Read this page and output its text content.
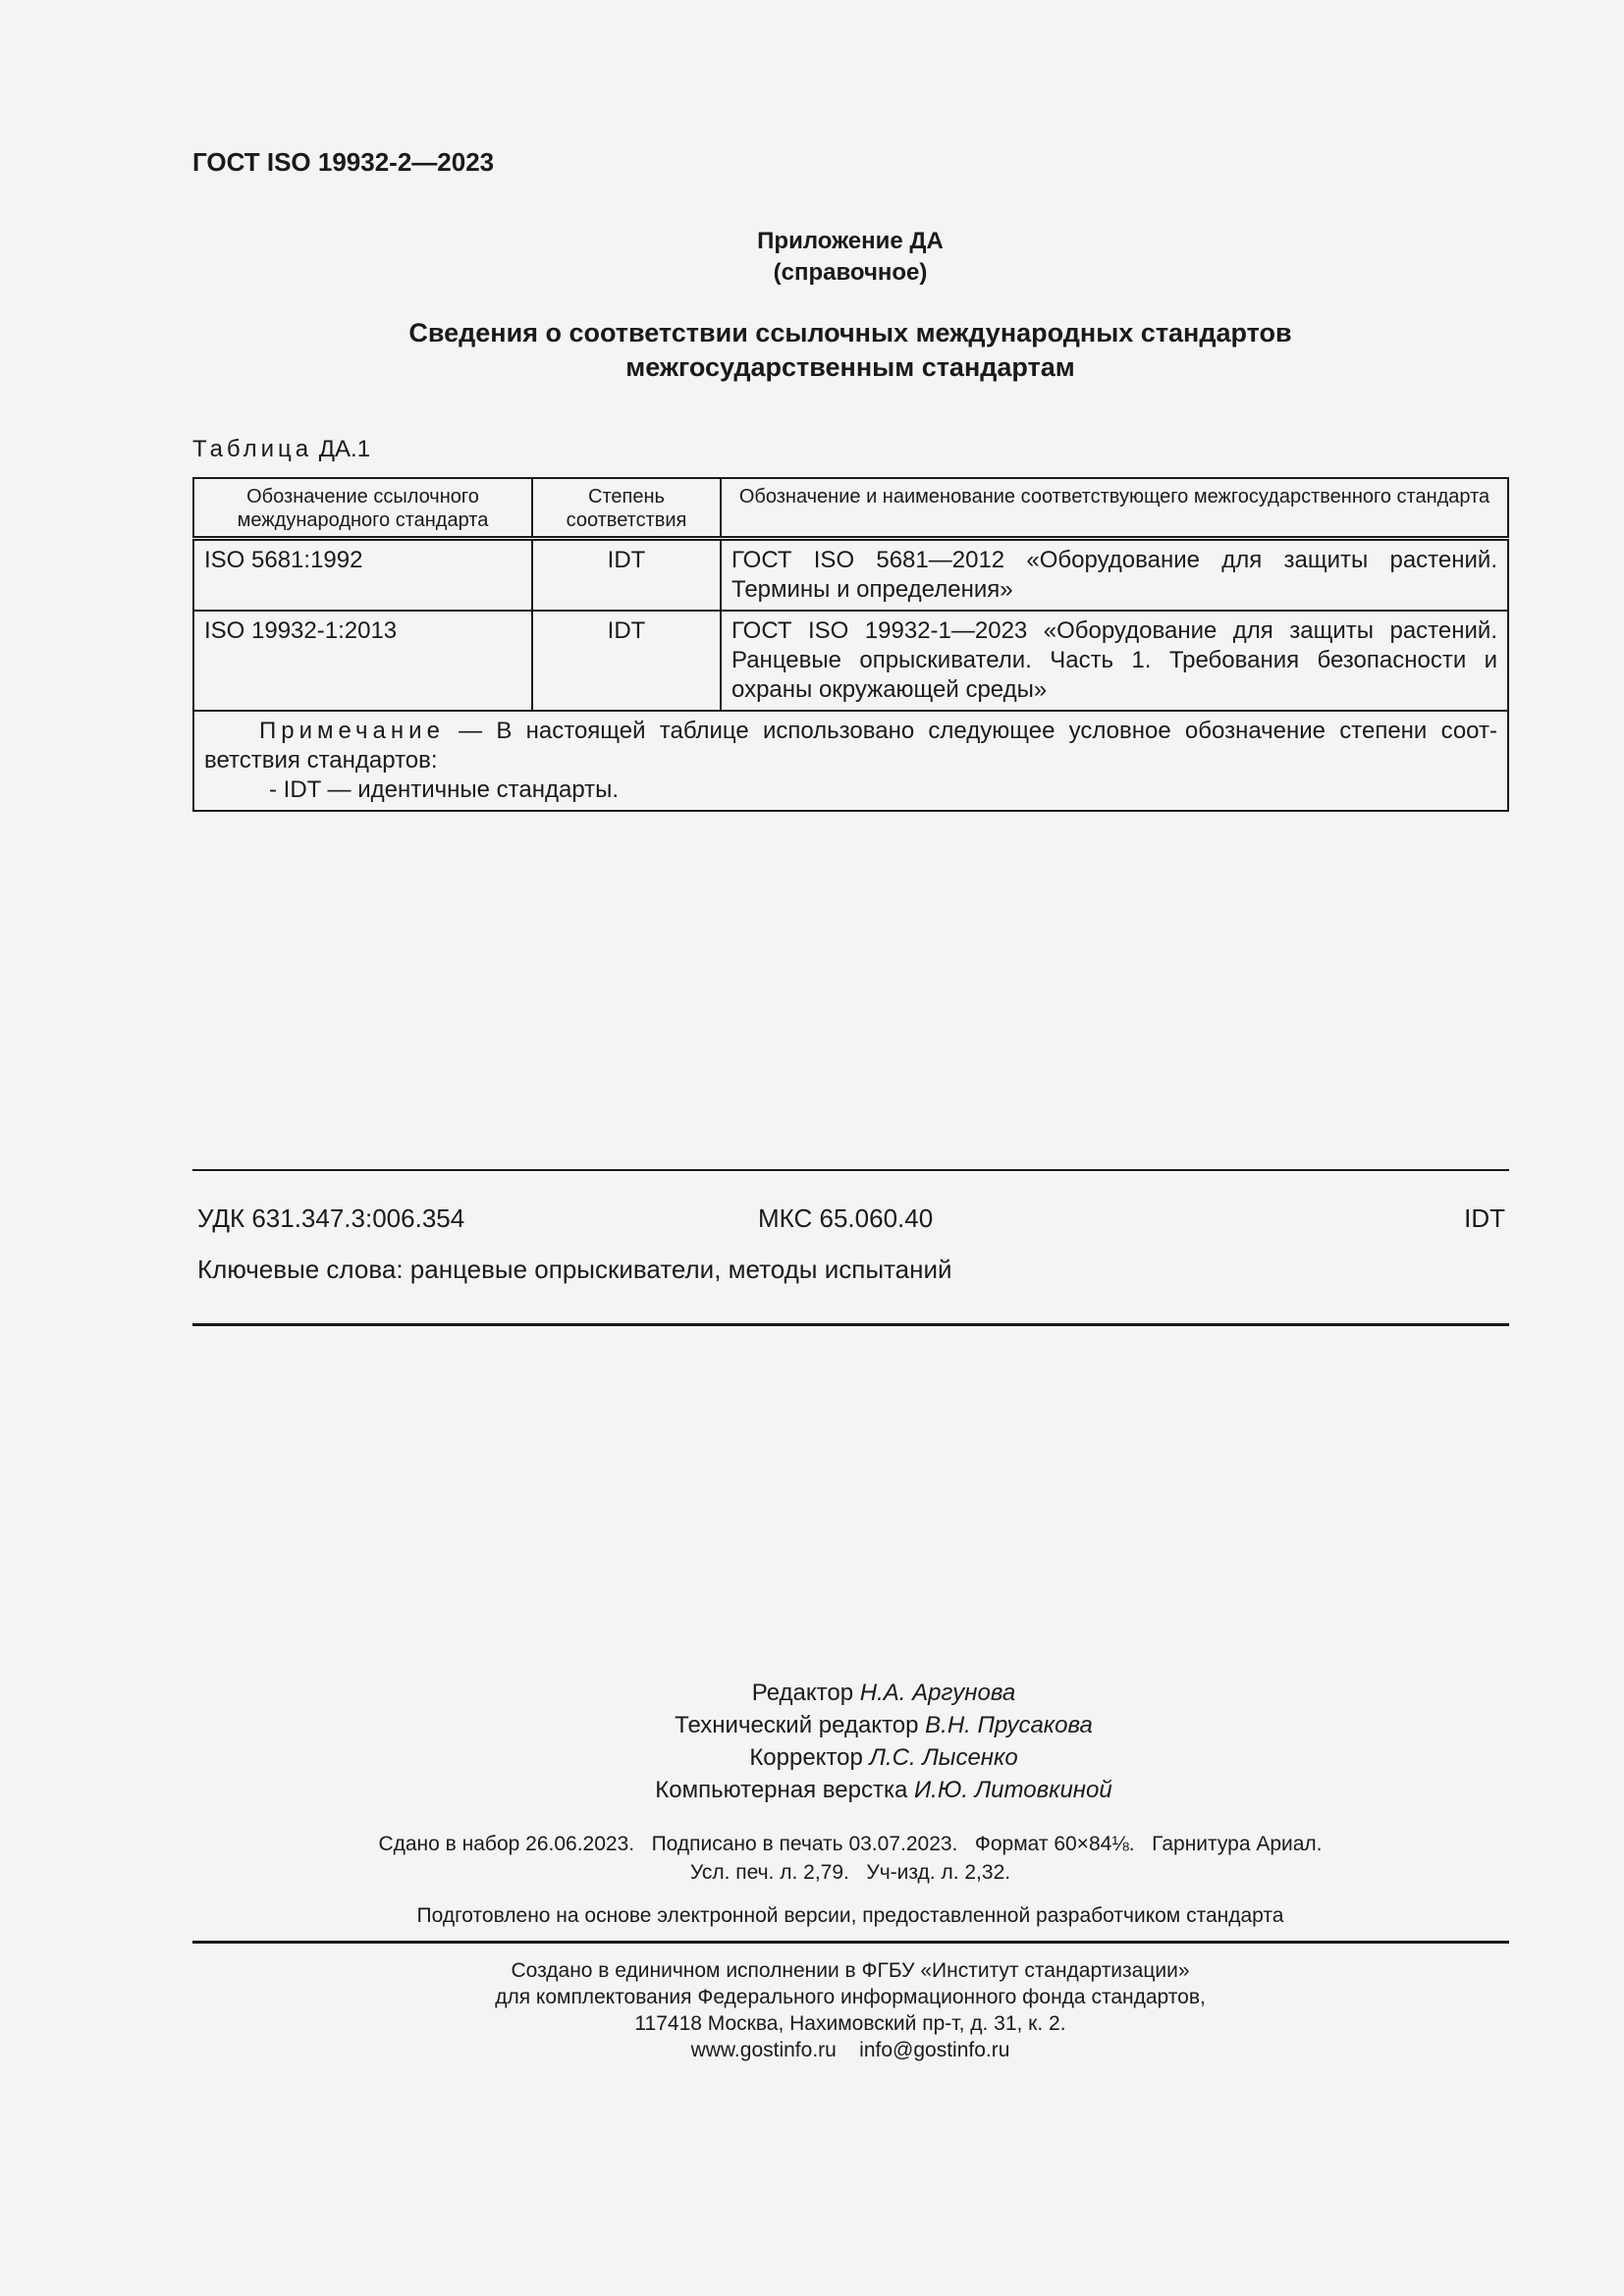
ГОСТ ISO 19932-2—2023
Приложение ДА
(справочное)
Сведения о соответствии ссылочных международных стандартов
межгосударственным стандартам
Таблица ДА.1
Обозначение ссылочного международного стандарта	Степень соответствия	Обозначение и наименование соответствующего межгосударственного стандарта
ISO 5681:1992	IDT	ГОСТ ISO 5681—2012 «Оборудование для защиты растений. Термины и определения»
ISO 19932-1:2013	IDT	ГОСТ ISO 19932-1—2023 «Оборудование для защиты растений. Ранцевые опрыскиватели. Часть 1. Требования безопасности и охраны окружающей среды»

Примечание — В настоящей таблице использовано следующее условное обозначение степени соответствия стандартов:
- IDT — идентичные стандарты.		
УДК 631.347.3:006.354	МКС 65.060.40	IDT
Ключевые слова: ранцевые опрыскиватели, методы испытаний
Редактор Н.А. Аргунова
Технический редактор В.Н. Прусакова
Корректор Л.С. Лысенко
Компьютерная верстка И.Ю. Литовкиной
Сдано в набор 26.06.2023.   Подписано в печать 03.07.2023.   Формат 60×84⅛.   Гарнитура Ариал.
Усл. печ. л. 2,79.   Уч-изд. л. 2,32.
Подготовлено на основе электронной версии, предоставленной разработчиком стандарта
Создано в единичном исполнении в ФГБУ «Институт стандартизации»
для комплектования Федерального информационного фонда стандартов,
117418 Москва, Нахимовский пр-т, д. 31, к. 2.
www.gostinfo.ru    info@gostinfo.ru
